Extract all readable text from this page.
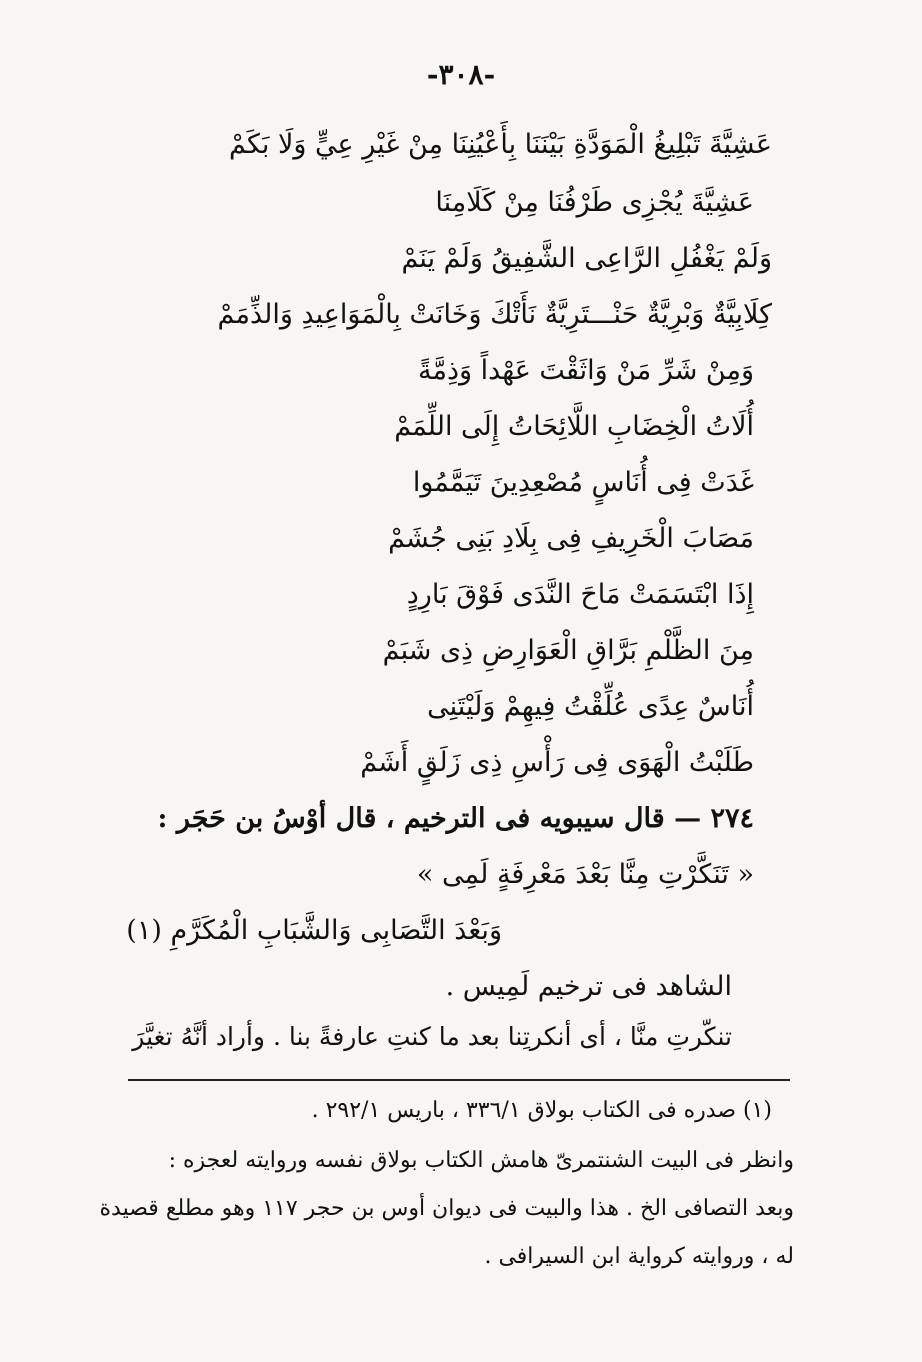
-٣٠٨-
عَشِيَّةَ تَبْلِيغُ الْمَوَدَّةِ بَيْنَنَا بِأَعْيُنِنَا مِنْ غَيْرِ عِيٍّ وَلَا بَكَمْ
عَشِيَّةَ يُجْزِى طَرْفُنَا مِنْ كَلَامِنَا
وَلَمْ يَغْفُلِ الرَّاعِى الشَّفِيقُ وَلَمْ يَنَمْ
كِلَابِيَّةٌ وَبْرِيَّةٌ حَنْـــتَرِيَّةٌ نَأَتْكَ وَخَانَتْ بِالْمَوَاعِيدِ وَالذِّمَمْ
وَمِنْ شَرِّ مَنْ وَاثَقْتَ عَهْداً وَذِمَّةً
أُلَاتُ الْخِضَابِ اللَّائِحَاتُ إِلَى اللِّمَمْ
غَدَتْ فِى أُنَاسٍ مُصْعِدِينَ تَيَمَّمُوا
مَصَابَ الْخَرِيفِ فِى بِلَادِ بَنِى جُشَمْ
إِذَا ابْتَسَمَتْ مَاحَ النَّدَى فَوْقَ بَارِدٍ
مِنَ الظَّلْمِ بَرَّاقِ الْعَوَارِضِ ذِى شَبَمْ
أُنَاسٌ عِدًى عُلِّقْتُ فِيهِمْ وَلَيْتَنِى
طَلَبْتُ الْهَوَى فِى رَأْسِ ذِى زَلَقٍ أَشَمْ
٢٧٤ — قال سيبويه فى الترخيم ، قال أوْسُ بن حَجَر :
« تَنَكَّرْتِ مِنَّا بَعْدَ مَعْرِفَةٍ لَمِى »
وَبَعْدَ التَّصَابِى وَالشَّبَابِ الْمُكَرَّمِ (١)
الشاهد فى ترخيم لَمِيس .
تنكّرتِ منَّا ، أى أنكرتِنا بعد ما كنتِ عارفةً بنا . وأراد أنَّهُ تغيَّرَ
(١) صدره فى الكتاب بولاق ٣٣٦/١ ، باريس ٢٩٢/١ .
وانظر فى البيت الشنتمرىّ هامش الكتاب بولاق نفسه وروايته لعجزه :
وبعد التصافى الخ . هذا والبيت فى ديوان أوس بن حجر ١١٧ وهو مطلع قصيدة
له ، وروايته كرواية ابن السيرافى .
